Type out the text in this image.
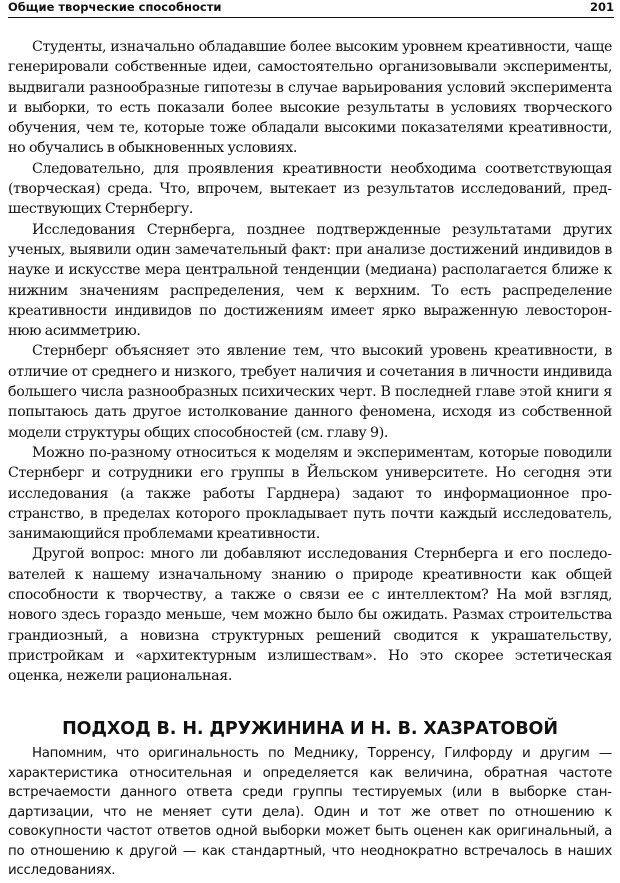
Общие творческие способности	201

Студенты, изначально обладавшие более высоким уровнем креативности, чаще генерировали собственные идеи, самостоятельно организовывали эксперименты, выдвигали разнообразные гипотезы в случае варьирования условий эксперимента и выборки, то есть показали более высокие результаты в условиях творческого обучения, чем те, которые тоже обладали высокими показателями креативности, но обучались в обыкновенных условиях.

Следовательно, для проявления креативности необходима соответствующая (творческая) среда. Что, впрочем, вытекает из результатов исследований, предшествующих Стернбергу.

Исследования Стернберга, позднее подтвержденные результатами других ученых, выявили один замечательный факт: при анализе достижений индивидов в науке и искусстве мера центральной тенденции (медиана) располагается ближе к нижним значениям распределения, чем к верхним. То есть распределение креативности индивидов по достижениям имеет ярко выраженную левостороннюю асимметрию.

Стернберг объясняет это явление тем, что высокий уровень креативности, в отличие от среднего и низкого, требует наличия и сочетания в личности индивида большего числа разнообразных психических черт. В последней главе этой книги я попытаюсь дать другое истолкование данного феномена, исходя из собственной модели структуры общих способностей (см. главу 9).

Можно по-разному относиться к моделям и экспериментам, которые поводили Стернберг и сотрудники его группы в Йельском университете. Но сегодня эти исследования (а также работы Гарднера) задают то информационное пространство, в пределах которого прокладывает путь почти каждый исследователь, занимающийся проблемами креативности.

Другой вопрос: много ли добавляют исследования Стернберга и его последователей к нашему изначальному знанию о природе креативности как общей способности к творчеству, а также о связи ее с интеллектом? На мой взгляд, нового здесь гораздо меньше, чем можно было бы ожидать. Размах строительства грандиозный, а новизна структурных решений сводится к украшательству, пристройкам и «архитектурным излишествам». Но это скорее эстетическая оценка, нежели рациональная.

ПОДХОД В. Н. ДРУЖИНИНА И Н. В. ХАЗРАТОВОЙ

Напомним, что оригинальность по Меднику, Торренсу, Гилфорду и другим — характеристика относительная и определяется как величина, обратная частоте встречаемости данного ответа среди группы тестируемых (или в выборке стандартизации, что не меняет сути дела). Один и тот же ответ по отношению к совокупности частот ответов одной выборки может быть оценен как оригинальный, а по отношению к другой — как стандартный, что неоднократно встречалось в наших исследованиях.
